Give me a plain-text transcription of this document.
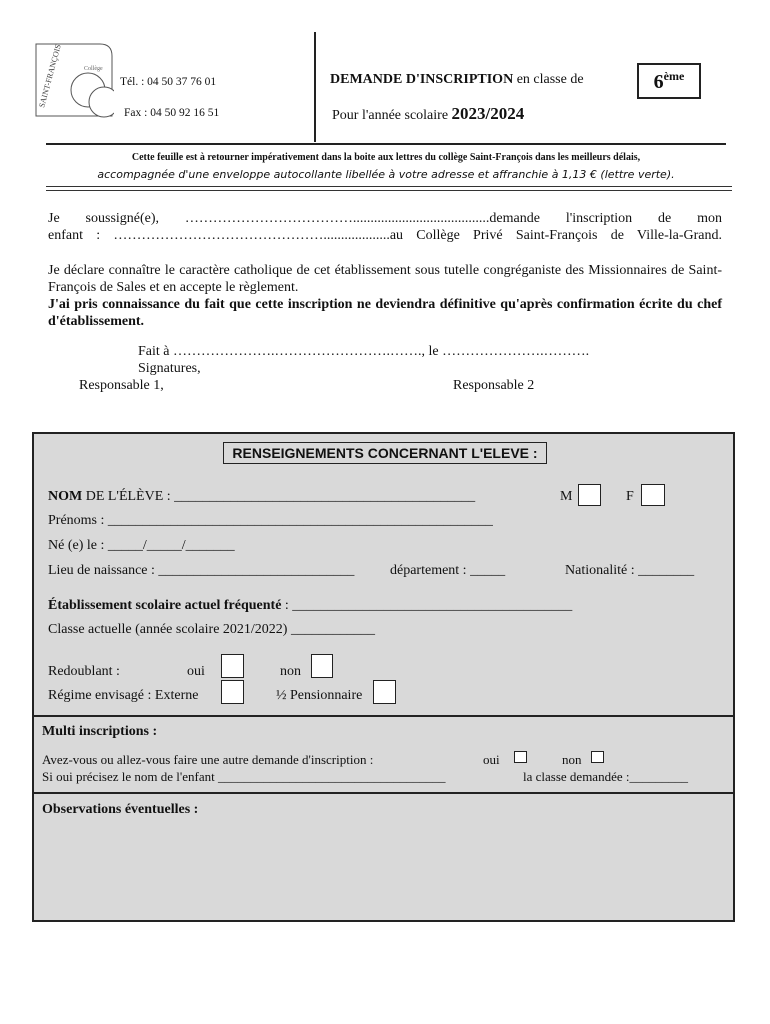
SAINT-FRANÇOIS	Collège
Tél. : 04 50 37 76 01
Fax : 04 50 92 16 51
DEMANDE D'INSCRIPTION en classe de	6ème
Pour l'année scolaire 2023/2024
Cette feuille est à retourner impérativement dans la boite aux lettres du collège Saint-François dans les meilleurs délais,
accompagnée d'une enveloppe autocollante libellée à votre adresse et affranchie à 1,13 € (lettre verte).
Je soussigné(e), ……………………………….......................................demande l'inscription de mon
enfant : ………………………………………...................au Collège Privé Saint-François de Ville-la-Grand.
Je déclare connaître le caractère catholique de cet établissement sous tutelle congréganiste des Missionnaires de Saint-François de Sales et en accepte le règlement.
J'ai pris connaissance du fait que cette inscription ne deviendra définitive qu'après confirmation écrite du chef d'établissement.
Fait à ………………….…………………….……., le ………………….……….
Signatures,
Responsable 1,	Responsable 2
RENSEIGNEMENTS CONCERNANT L'ELEVE :
NOM DE L'ÉLÈVE : ___________________________________________	M	F
Prénoms : _______________________________________________________
Né (e) le : _____/_____/_______
Lieu de naissance : ____________________________	département : _____	Nationalité : ________
Établissement scolaire actuel fréquenté : ________________________________________
Classe actuelle (année scolaire 2021/2022) ____________
Redoublant :	oui	non
Régime envisagé : Externe	½ Pensionnaire
Multi inscriptions :
Avez-vous ou allez-vous faire une autre demande d'inscription :	oui	non
Si oui précisez le nom de l'enfant ___________________________________	la classe demandée :_________
Observations éventuelles :
